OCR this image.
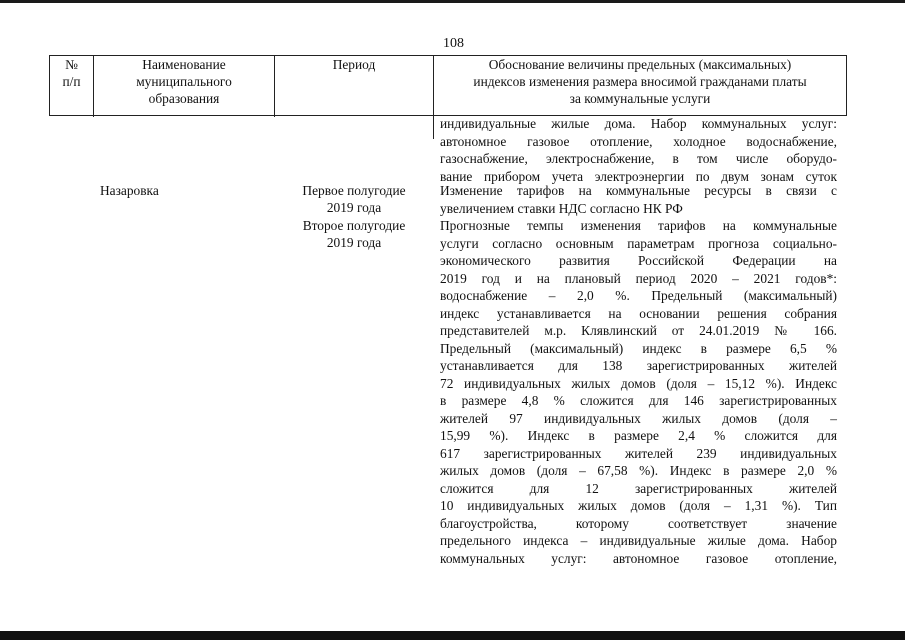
108
№
п/п
Наименование
муниципального
образования
Период	Обоснование величины предельных (максимальных)
индексов изменения размера вносимой гражданами платы
за коммунальные услуги
индивидуальные жилые дома. Набор коммунальных услуг:
автономное газовое отопление, холодное водоснабжение,
газоснабжение, электроснабжение, в том числе оборудо-
вание прибором учета электроэнергии по двум зонам суток
Назаровка	Первое полугодие
2019 года
Второе полугодие
2019 года
Изменение тарифов на коммунальные ресурсы в связи с
увеличением ставки НДС согласно НК РФ
Прогнозные темпы изменения тарифов на коммунальные
услуги согласно основным параметрам прогноза социально-
экономического развития Российской Федерации на
2019 год и на плановый период 2020 – 2021 годов*:
водоснабжение – 2,0 %. Предельный (максимальный)
индекс устанавливается на основании решения собрания
представителей м.р. Клявлинский от 24.01.2019 № 166.
Предельный (максимальный) индекс в размере 6,5 %
устанавливается для 138 зарегистрированных жителей
72 индивидуальных жилых домов (доля – 15,12 %). Индекс
в размере 4,8 % сложится для 146 зарегистрированных
жителей 97 индивидуальных жилых домов (доля –
15,99 %). Индекс в размере 2,4 % сложится для
617 зарегистрированных жителей 239 индивидуальных
жилых домов (доля – 67,58 %). Индекс в размере 2,0 %
сложится для 12 зарегистрированных жителей
10 индивидуальных жилых домов (доля – 1,31 %). Тип
благоустройства, которому соответствует значение
предельного индекса – индивидуальные жилые дома. Набор
коммунальных услуг: автономное газовое отопление,
